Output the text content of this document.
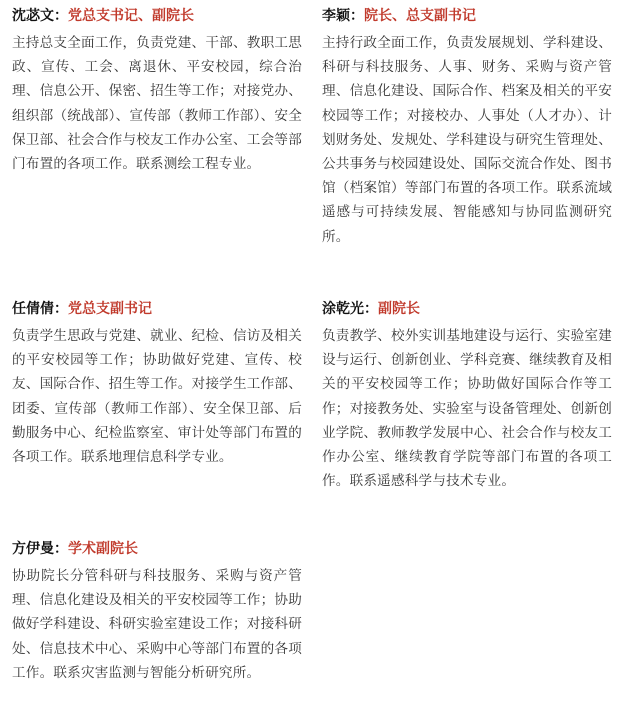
沈苾文：党总支书记、副院长
主持总支全面工作，负责党建、干部、教职工思政、宣传、工会、离退休、平安校园，综合治理、信息公开、保密、招生等工作；对接党办、组织部（统战部）、宣传部（教师工作部）、安全保卫部、社会合作与校友工作办公室、工会等部门布置的各项工作。联系测绘工程专业。
李颖：院长、总支副书记
主持行政全面工作，负责发展规划、学科建设、科研与科技服务、人事、财务、采购与资产管理、信息化建设、国际合作、档案及相关的平安校园等工作；对接校办、人事处（人才办）、计划财务处、发规处、学科建设与研究生管理处、公共事务与校园建设处、国际交流合作处、图书馆（档案馆）等部门布置的各项工作。联系流域遥感与可持续发展、智能感知与协同监测研究所。
任倩倩：党总支副书记
负责学生思政与党建、就业、纪检、信访及相关的平安校园等工作；协助做好党建、宣传、校友、国际合作、招生等工作。对接学生工作部、团委、宣传部（教师工作部）、安全保卫部、后勤服务中心、纪检监察室、审计处等部门布置的各项工作。联系地理信息科学专业。
涂乾光：副院长
负责教学、校外实训基地建设与运行、实验室建设与运行、创新创业、学科竞赛、继续教育及相关的平安校园等工作；协助做好国际合作等工作；对接教务处、实验室与设备管理处、创新创业学院、教师教学发展中心、社会合作与校友工作办公室、继续教育学院等部门布置的各项工作。联系遥感科学与技术专业。
方伊曼：学术副院长
协助院长分管科研与科技服务、采购与资产管理、信息化建设及相关的平安校园等工作；协助做好学科建设、科研实验室建设工作；对接科研处、信息技术中心、采购中心等部门布置的各项工作。联系灾害监测与智能分析研究所。
